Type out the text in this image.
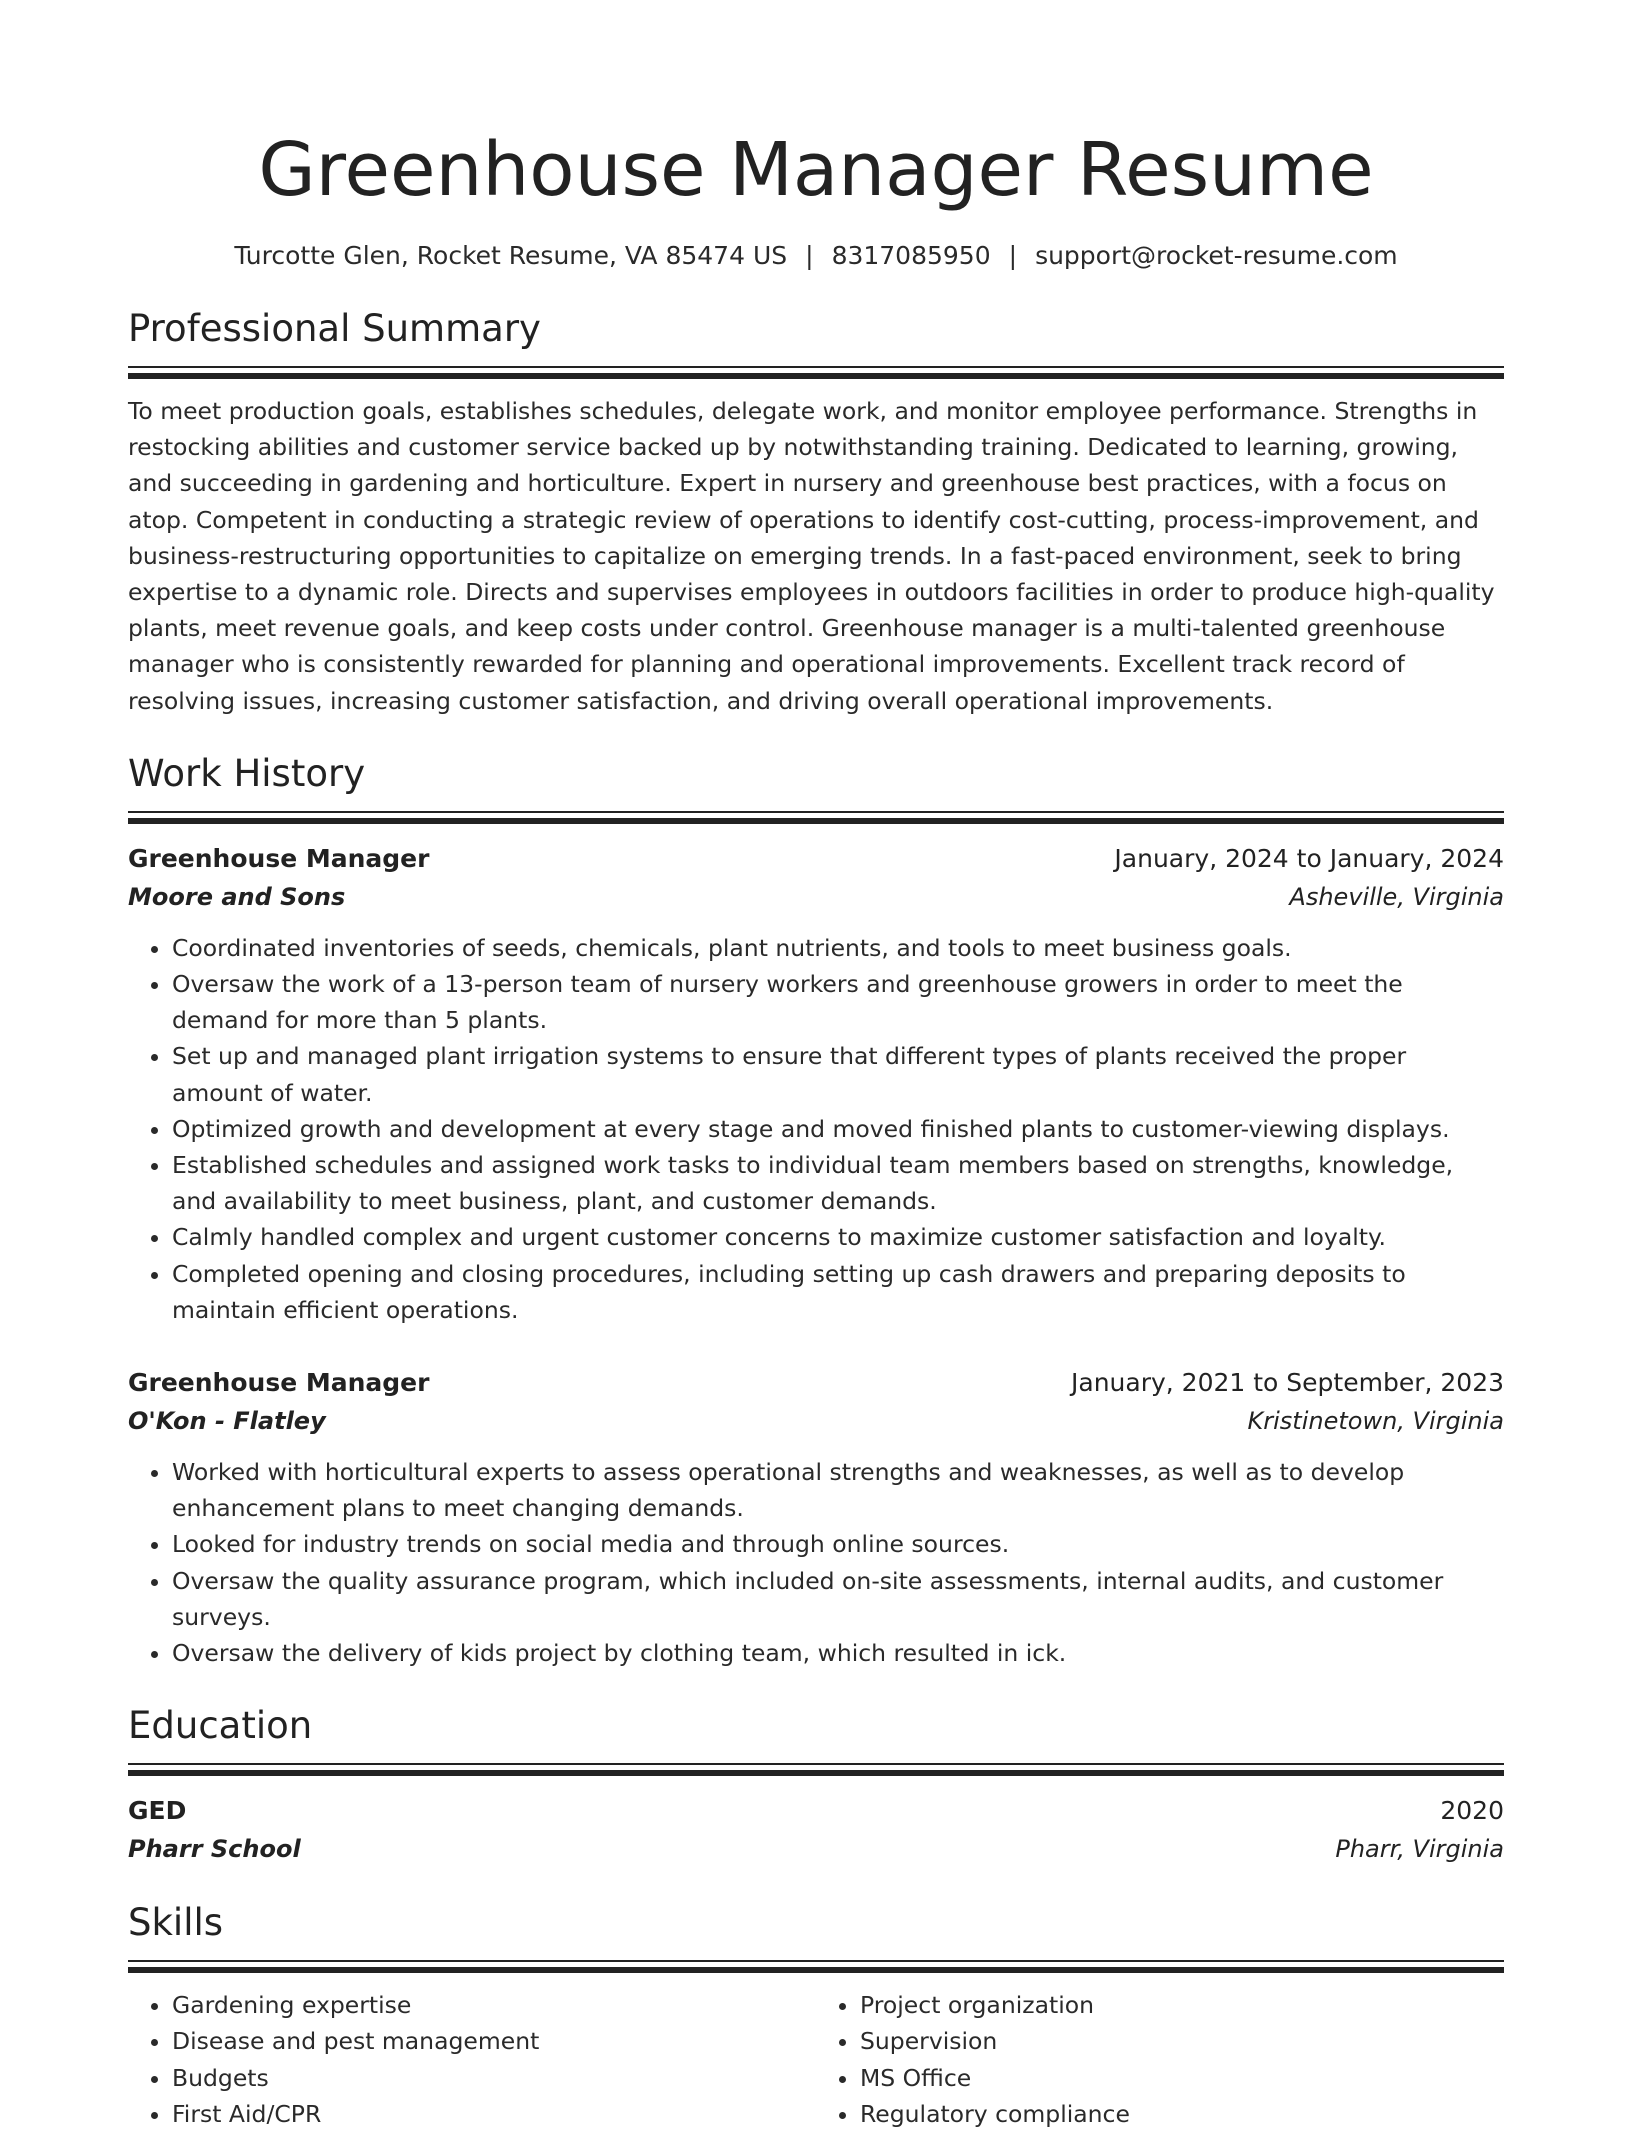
Greenhouse Manager Resume
Turcotte Glen, Rocket Resume, VA 85474 US | 8317085950 | support@rocket-resume.com
Professional Summary
To meet production goals, establishes schedules, delegate work, and monitor employee performance. Strengths in restocking abilities and customer service backed up by notwithstanding training. Dedicated to learning, growing, and succeeding in gardening and horticulture. Expert in nursery and greenhouse best practices, with a focus on atop. Competent in conducting a strategic review of operations to identify cost-cutting, process-improvement, and business-restructuring opportunities to capitalize on emerging trends. In a fast-paced environment, seek to bring expertise to a dynamic role. Directs and supervises employees in outdoors facilities in order to produce high-quality plants, meet revenue goals, and keep costs under control. Greenhouse manager is a multi-talented greenhouse manager who is consistently rewarded for planning and operational improvements. Excellent track record of resolving issues, increasing customer satisfaction, and driving overall operational improvements.
Work History
Greenhouse Manager	January, 2024 to January, 2024
Moore and Sons	Asheville, Virginia
• Coordinated inventories of seeds, chemicals, plant nutrients, and tools to meet business goals.
• Oversaw the work of a 13-person team of nursery workers and greenhouse growers in order to meet the demand for more than 5 plants.
• Set up and managed plant irrigation systems to ensure that different types of plants received the proper amount of water.
• Optimized growth and development at every stage and moved finished plants to customer-viewing displays.
• Established schedules and assigned work tasks to individual team members based on strengths, knowledge, and availability to meet business, plant, and customer demands.
• Calmly handled complex and urgent customer concerns to maximize customer satisfaction and loyalty.
• Completed opening and closing procedures, including setting up cash drawers and preparing deposits to maintain efficient operations.
Greenhouse Manager	January, 2021 to September, 2023
O'Kon - Flatley	Kristinetown, Virginia
• Worked with horticultural experts to assess operational strengths and weaknesses, as well as to develop enhancement plans to meet changing demands.
• Looked for industry trends on social media and through online sources.
• Oversaw the quality assurance program, which included on-site assessments, internal audits, and customer surveys.
• Oversaw the delivery of kids project by clothing team, which resulted in ick.
Education
GED	2020
Pharr School	Pharr, Virginia
Skills
• Gardening expertise
• Disease and pest management
• Budgets
• First Aid/CPR
• Project organization
• Supervision
• MS Office
• Regulatory compliance
